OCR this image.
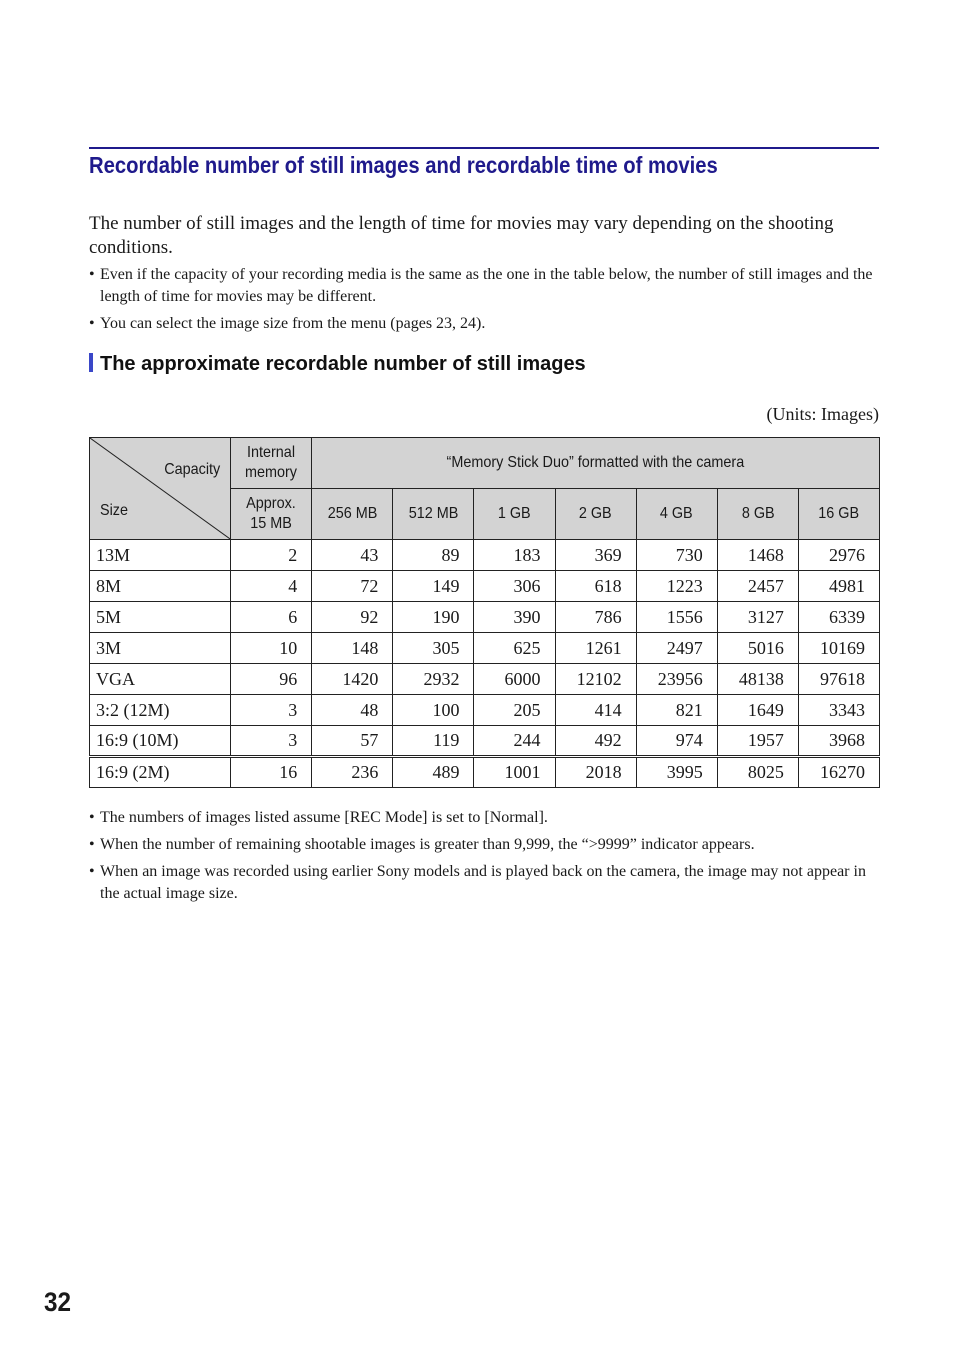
Recordable number of still images and recordable time of movies

The number of still images and the length of time for movies may vary depending on the shooting conditions.

• Even if the capacity of your recording media is the same as the one in the table below, the number of still images and the length of time for movies may be different.
• You can select the image size from the menu (pages 23, 24).
The approximate recordable number of still images
(Units: Images)
Capacity
Size	Internal memory	“Memory Stick Duo” formatted with the camera						
	Approx. 15 MB	256 MB	512 MB	1 GB	2 GB	4 GB	8 GB	16 GB
13M	2	43	89	183	369	730	1468	2976
8M	4	72	149	306	618	1223	2457	4981
5M	6	92	190	390	786	1556	3127	6339
3M	10	148	305	625	1261	2497	5016	10169
VGA	96	1420	2932	6000	12102	23956	48138	97618
3:2 (12M)	3	48	100	205	414	821	1649	3343
16:9 (10M)	3	57	119	244	492	974	1957	3968
16:9 (2M)	16	236	489	1001	2018	3995	8025	16270
• The numbers of images listed assume [REC Mode] is set to [Normal].
• When the number of remaining shootable images is greater than 9,999, the “>9999” indicator appears.
• When an image was recorded using earlier Sony models and is played back on the camera, the image may not appear in the actual image size.
32
